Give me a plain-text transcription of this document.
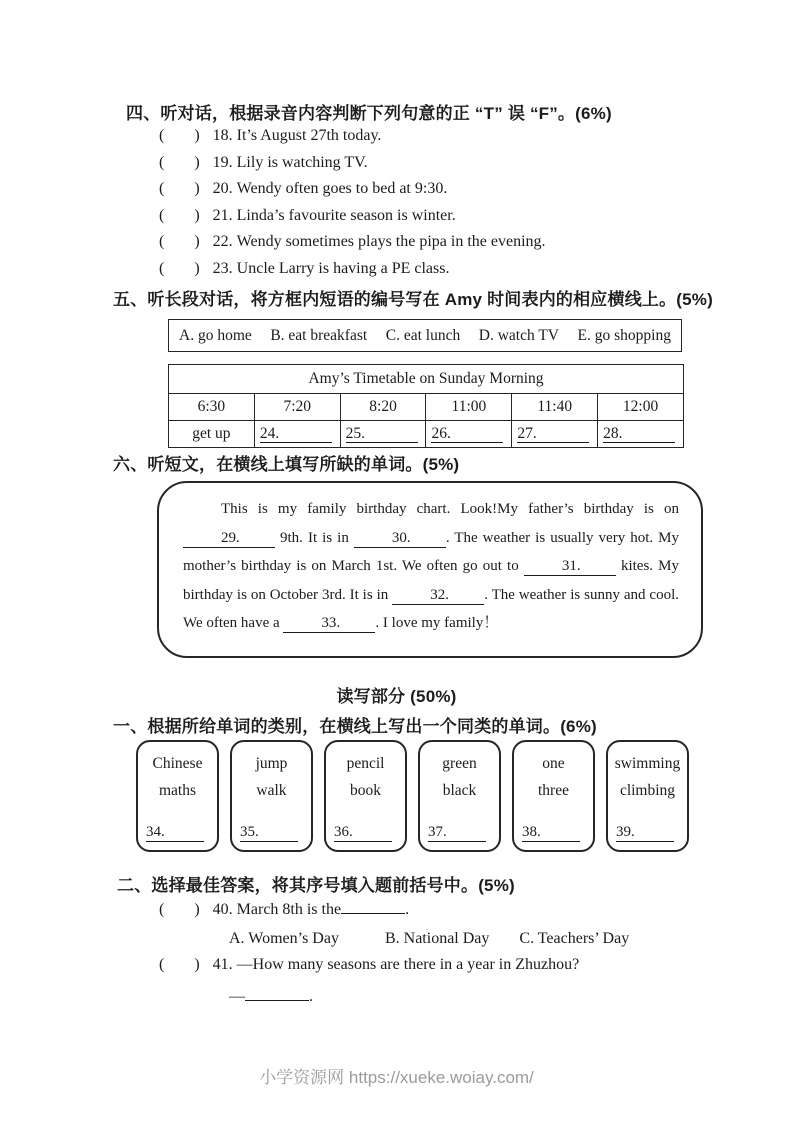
四、听对话，根据录音内容判断下列句意的正 “T” 误 “F”。(6%)
( ) 18. It’s August 27th today.
( ) 19. Lily is watching TV.
( ) 20. Wendy often goes to bed at 9:30.
( ) 21. Linda’s favourite season is winter.
( ) 22. Wendy sometimes plays the pipa in the evening.
( ) 23. Uncle Larry is having a PE class.
五、听长段对话，将方框内短语的编号写在 Amy 时间表内的相应横线上。(5%)
A. go home B. eat breakfast C. eat lunch D. watch TV E. go shopping
Amy’s Timetable on Sunday Morning					
6:30	7:20	8:20	11:00	11:40	12:00
get up	24.	25.	26.	27.	28.
六、听短文，在横线上填写所缺的单词。(5%)

This is my family birthday chart. Look!My father’s birthday is on 29. 9th. It is in	30. . The weather is usually very hot. My mother’s birthday is on March 1st. We often go out to	31. kites. My birthday is on October 3rd. It is in	32. . The weather is sunny and cool. We often have a	33. . I love my family！

读写部分 (50%)
一、根据所给单词的类别，在横线上写出一个同类的单词。(6%)
Chinese
maths
34.
jump
walk
35.
pencil
book
36.
green
black
37.
one
three
38.
swimming
climbing
39.
二、选择最佳答案，将其序号填入题前括号中。(5%)
( ) 40. March 8th is the	.
A. Women’s Day	B. National Day C. Teachers’ Day
( ) 41. —How many seasons are there in a year in Zhuzhou?
—	.
小学资源网 https://xueke.woiay.com/
